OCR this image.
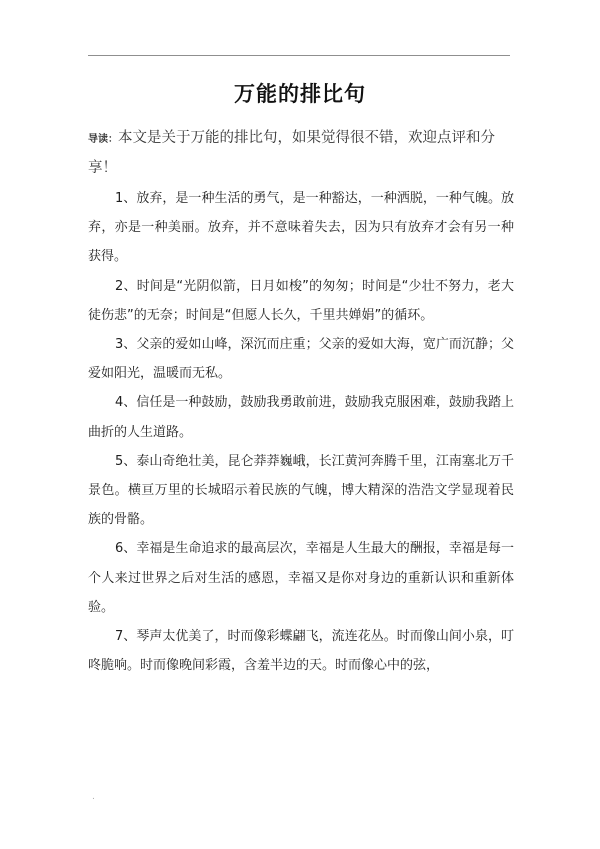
万能的排比句
导读：本文是关于万能的排比句，如果觉得很不错，欢迎点评和分享！

1、放弃，是一种生活的勇气，是一种豁达，一种洒脱，一种气魄。放弃，亦是一种美丽。放弃，并不意味着失去，因为只有放弃才会有另一种获得。

2、时间是“光阴似箭，日月如梭”的匆匆；时间是“少壮不努力，老大徒伤悲”的无奈；时间是“但愿人长久，千里共婵娟”的循环。

3、父亲的爱如山峰，深沉而庄重；父亲的爱如大海，宽广而沉静；父爱如阳光，温暖而无私。

4、信任是一种鼓励，鼓励我勇敢前进，鼓励我克服困难，鼓励我踏上曲折的人生道路。

5、泰山奇绝壮美，昆仑莽莽巍峨，长江黄河奔腾千里，江南塞北万千景色。横亘万里的长城昭示着民族的气魄，博大精深的浩浩文学显现着民族的骨骼。

6、幸福是生命追求的最高层次，幸福是人生最大的酬报，幸福是每一个人来过世界之后对生活的感恩，幸福又是你对身边的重新认识和重新体验。

7、琴声太优美了，时而像彩蝶翩飞，流连花丛。时而像山间小泉，叮咚脆响。时而像晚间彩霞，含羞半边的天。时而像心中的弦，

.
